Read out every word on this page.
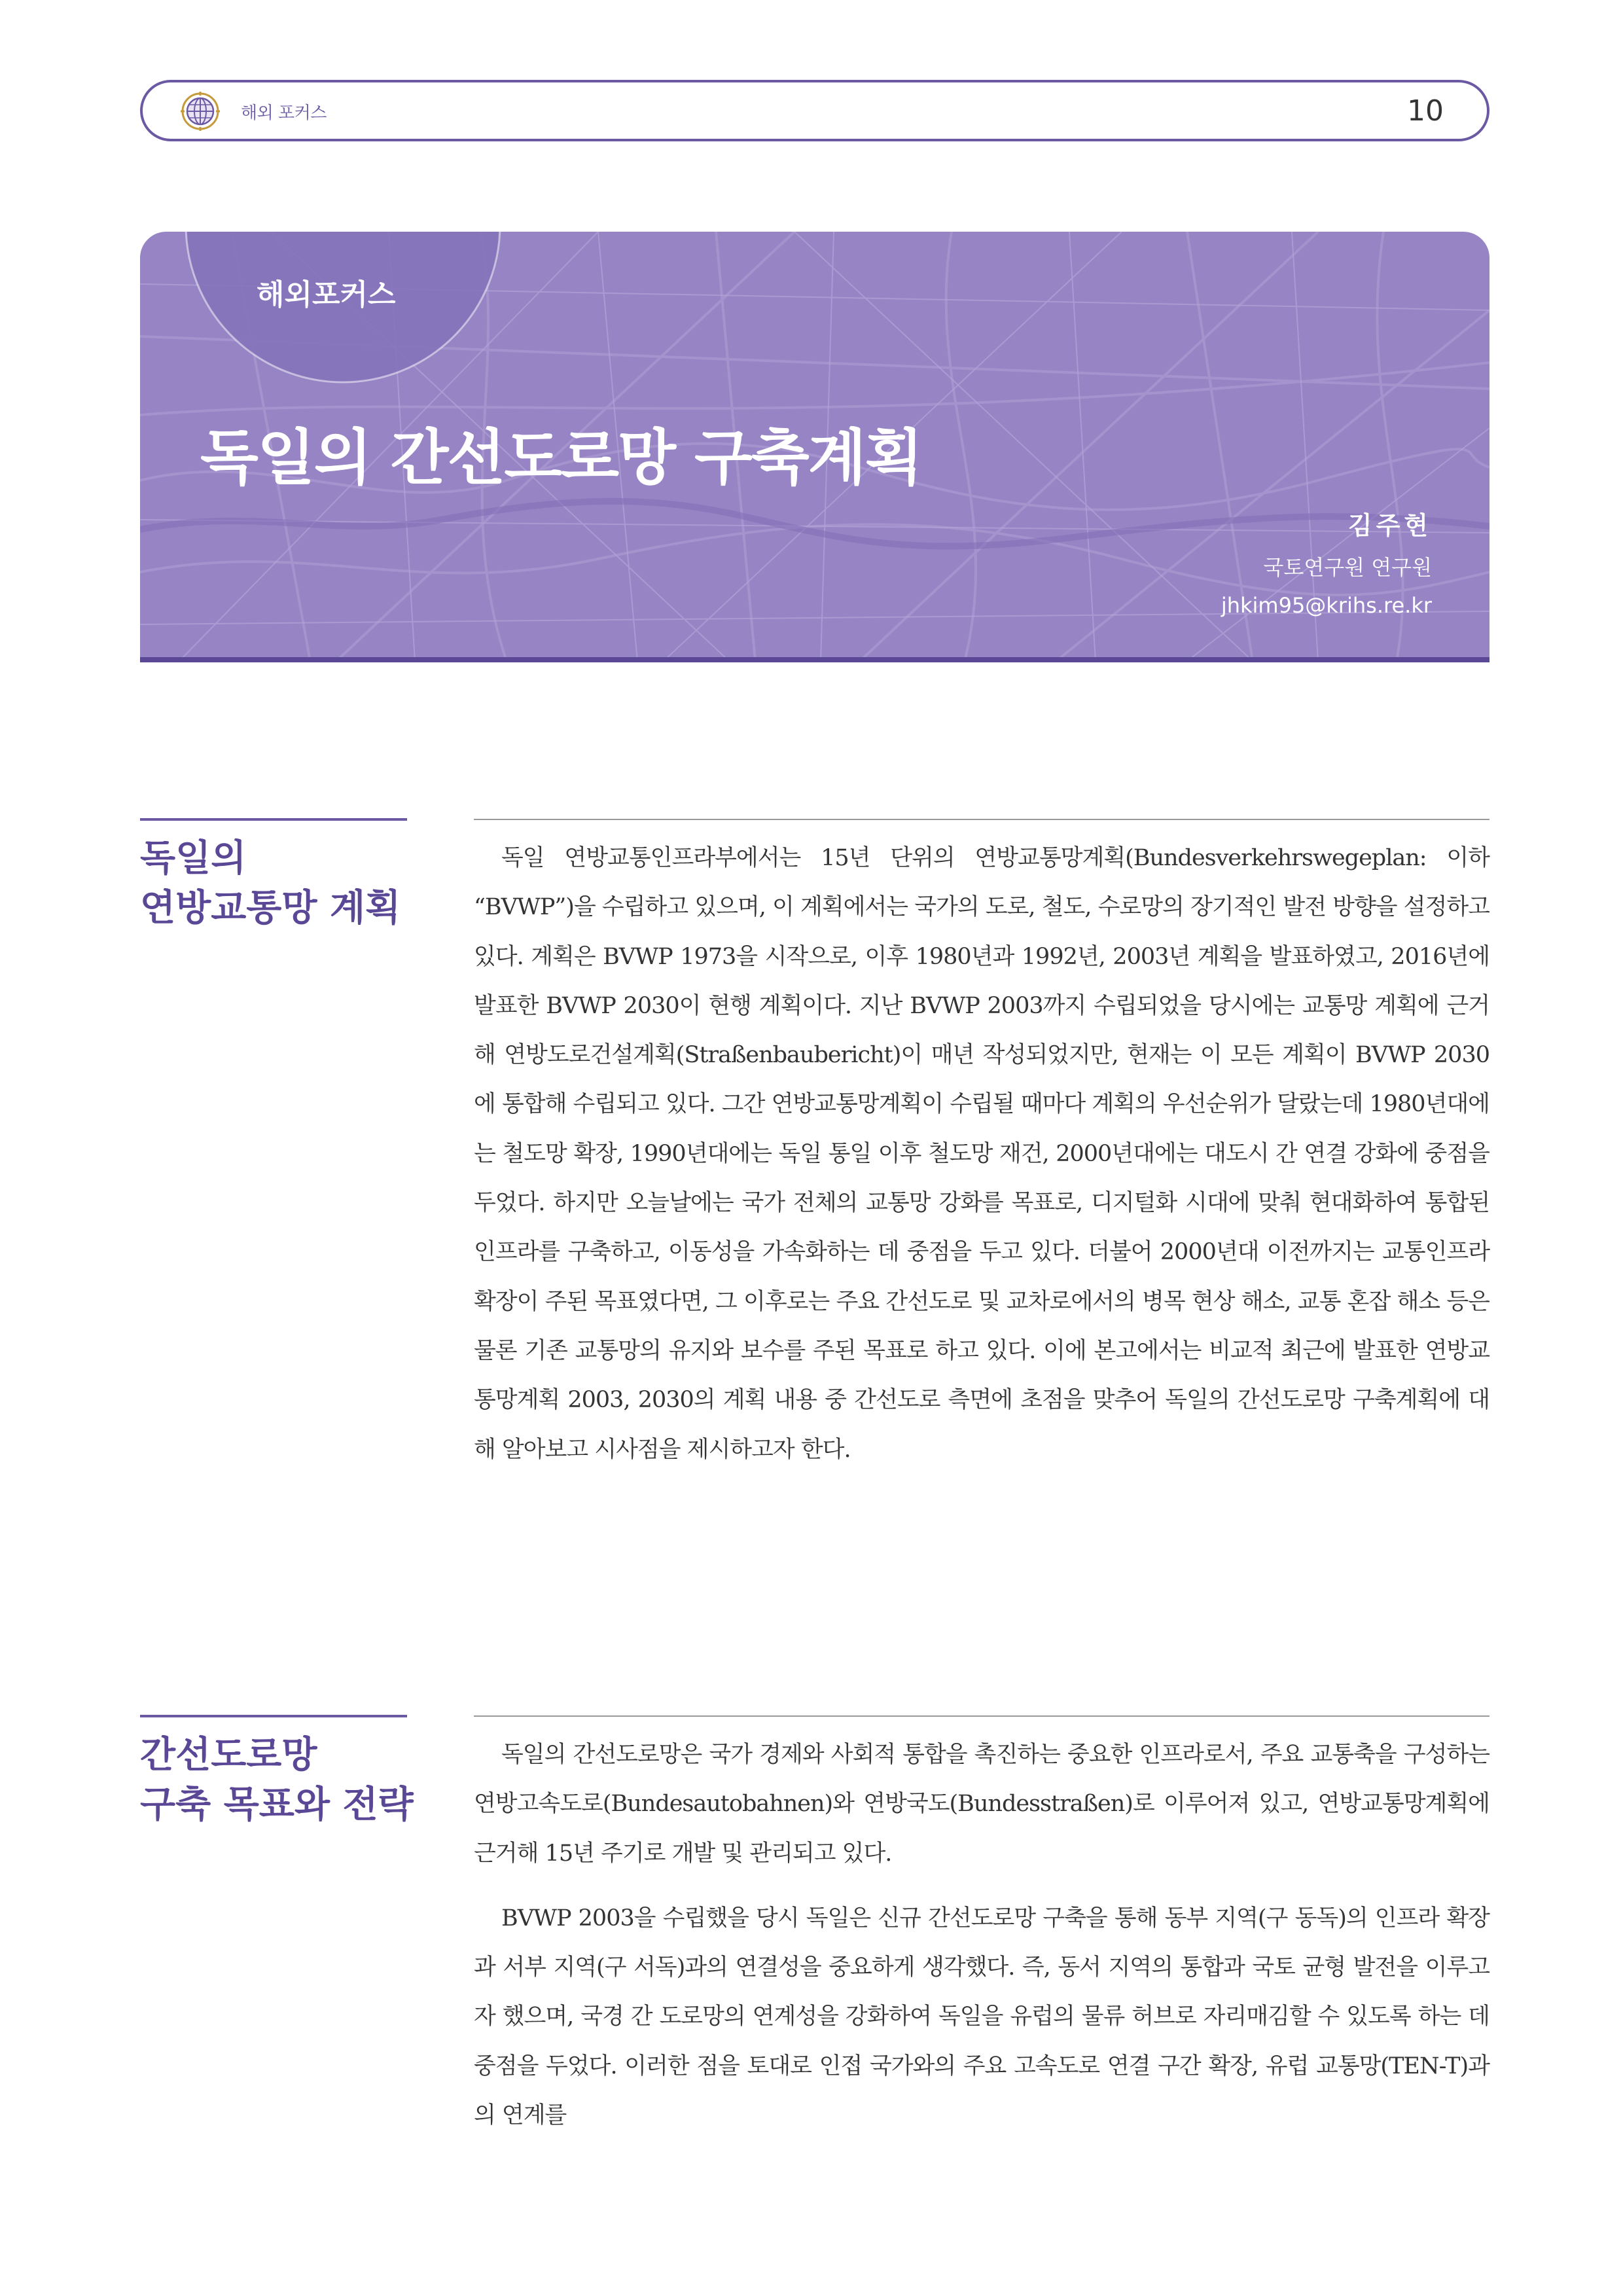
해외 포커스	10
해외포커스
독일의 간선도로망 구축계획
김주현
국토연구원 연구원
jhkim95@krihs.re.kr
독일의
연방교통망 계획

독일 연방교통인프라부에서는 15년 단위의 연방교통망계획(Bundesverkehrswegeplan: 이하 “BVWP”)을 수립하고 있으며, 이 계획에서는 국가의 도로, 철도, 수로망의 장기적인 발전 방향을 설정하고 있다. 계획은 BVWP 1973을 시작으로, 이후 1980년과 1992년, 2003년 계획을 발표하였고, 2016년에 발표한 BVWP 2030이 현행 계획이다. 지난 BVWP 2003까지 수립되었을 당시에는 교통망 계획에 근거해 연방도로건설계획(Straßenbaubericht)이 매년 작성되었지만, 현재는 이 모든 계획이 BVWP 2030에 통합해 수립되고 있다. 그간 연방교통망계획이 수립될 때마다 계획의 우선순위가 달랐는데 1980년대에는 철도망 확장, 1990년대에는 독일 통일 이후 철도망 재건, 2000년대에는 대도시 간 연결 강화에 중점을 두었다. 하지만 오늘날에는 국가 전체의 교통망 강화를 목표로, 디지털화 시대에 맞춰 현대화하여 통합된 인프라를 구축하고, 이동성을 가속화하는 데 중점을 두고 있다. 더불어 2000년대 이전까지는 교통인프라 확장이 주된 목표였다면, 그 이후로는 주요 간선도로 및 교차로에서의 병목 현상 해소, 교통 혼잡 해소 등은 물론 기존 교통망의 유지와 보수를 주된 목표로 하고 있다. 이에 본고에서는 비교적 최근에 발표한 연방교통망계획 2003, 2030의 계획 내용 중 간선도로 측면에 초점을 맞추어 독일의 간선도로망 구축계획에 대해 알아보고 시사점을 제시하고자 한다.

간선도로망
구축 목표와 전략

독일의 간선도로망은 국가 경제와 사회적 통합을 촉진하는 중요한 인프라로서, 주요 교통축을 구성하는 연방고속도로(Bundesautobahnen)와 연방국도(Bundesstraßen)로 이루어져 있고, 연방교통망계획에 근거해 15년 주기로 개발 및 관리되고 있다.

BVWP 2003을 수립했을 당시 독일은 신규 간선도로망 구축을 통해 동부 지역(구 동독)의 인프라 확장과 서부 지역(구 서독)과의 연결성을 중요하게 생각했다. 즉, 동서 지역의 통합과 국토 균형 발전을 이루고자 했으며, 국경 간 도로망의 연계성을 강화하여 독일을 유럽의 물류 허브로 자리매김할 수 있도록 하는 데 중점을 두었다. 이러한 점을 토대로 인접 국가와의 주요 고속도로 연결 구간 확장, 유럽 교통망(TEN-T)과의 연계를
